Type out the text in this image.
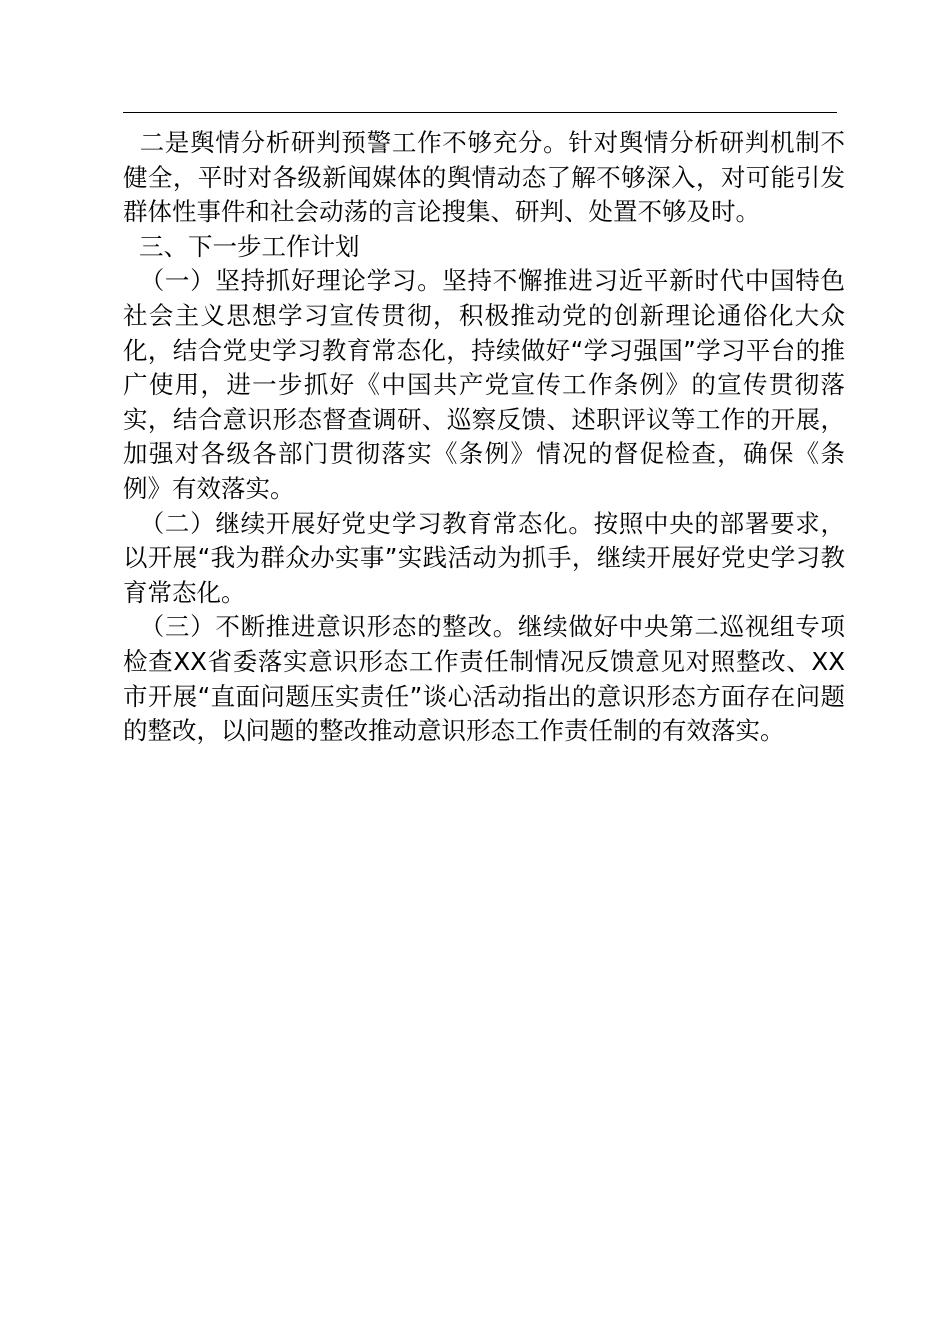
二是舆情分析研判预警工作不够充分。针对舆情分析研判机制不健全，平时对各级新闻媒体的舆情动态了解不够深入，对可能引发群体性事件和社会动荡的言论搜集、研判、处置不够及时。

三、下一步工作计划

（一）坚持抓好理论学习。坚持不懈推进习近平新时代中国特色社会主义思想学习宣传贯彻，积极推动党的创新理论通俗化大众化，结合党史学习教育常态化，持续做好“学习强国”学习平台的推广使用，进一步抓好《中国共产党宣传工作条例》的宣传贯彻落实，结合意识形态督查调研、巡察反馈、述职评议等工作的开展，加强对各级各部门贯彻落实《条例》情况的督促检查，确保《条例》有效落实。

（二）继续开展好党史学习教育常态化。按照中央的部署要求，以开展“我为群众办实事”实践活动为抓手，继续开展好党史学习教育常态化。

（三）不断推进意识形态的整改。继续做好中央第二巡视组专项检查XX省委落实意识形态工作责任制情况反馈意见对照整改、XX市开展“直面问题压实责任”谈心活动指出的意识形态方面存在问题的整改，以问题的整改推动意识形态工作责任制的有效落实。
